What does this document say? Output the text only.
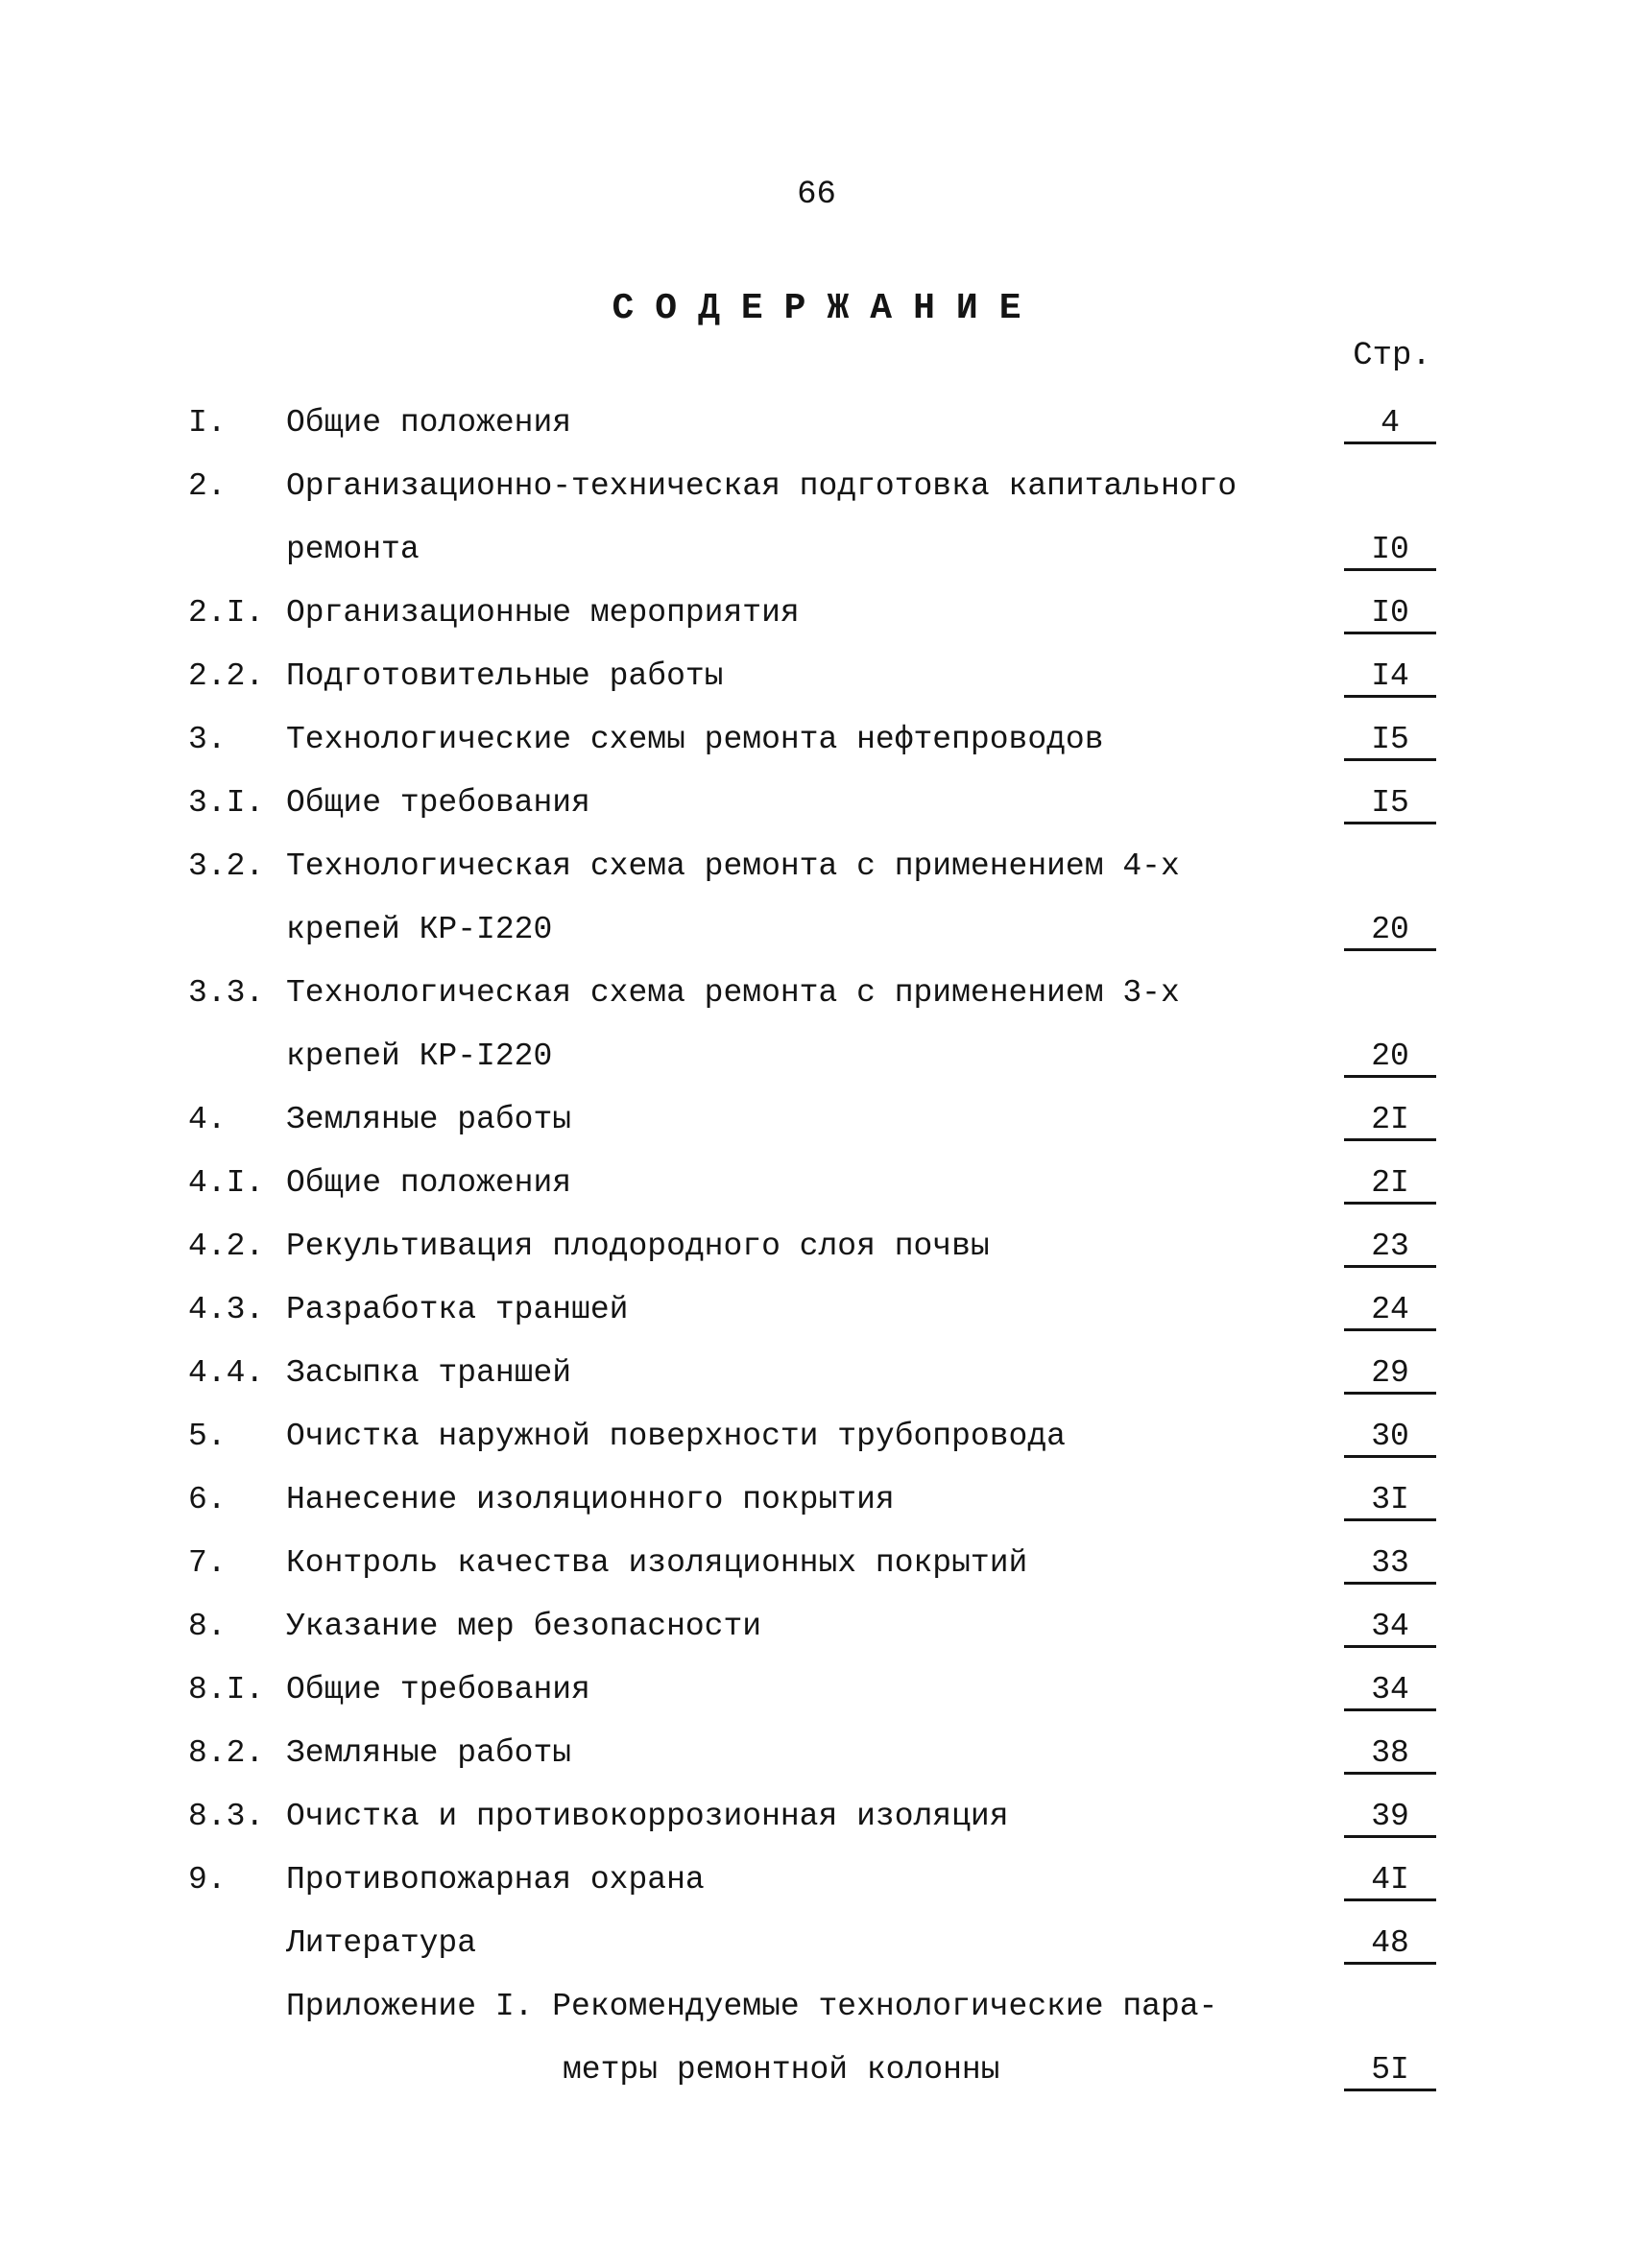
66
СОДЕРЖАНИЕ
Стр.
I. Общие положения	4
2. Организационно-техническая подготовка капитального
ремонта	I0
2.I. Организационные мероприятия	I0
2.2. Подготовительные работы	I4
3. Технологические схемы ремонта нефтепроводов	I5
3.I. Общие требования	I5
3.2. Технологическая схема ремонта с применением 4-х
крепей КР-I220	20
3.3. Технологическая схема ремонта с применением 3-х
крепей КР-I220	20
4. Земляные работы	2I
4.I. Общие положения	2I
4.2. Рекультивация плодородного слоя почвы	23
4.3. Разработка траншей	24
4.4. Засыпка траншей	29
5. Очистка наружной поверхности трубопровода	30
6. Нанесение изоляционного покрытия	3I
7. Контроль качества изоляционных покрытий	33
8. Указание мер безопасности	34
8.I. Общие требования	34
8.2. Земляные работы	38
8.3. Очистка и противокоррозионная изоляция	39
9. Противопожарная охрана	4I
Литература	48
Приложение I. Рекомендуемые технологические пара-
метры ремонтной колонны	5I
